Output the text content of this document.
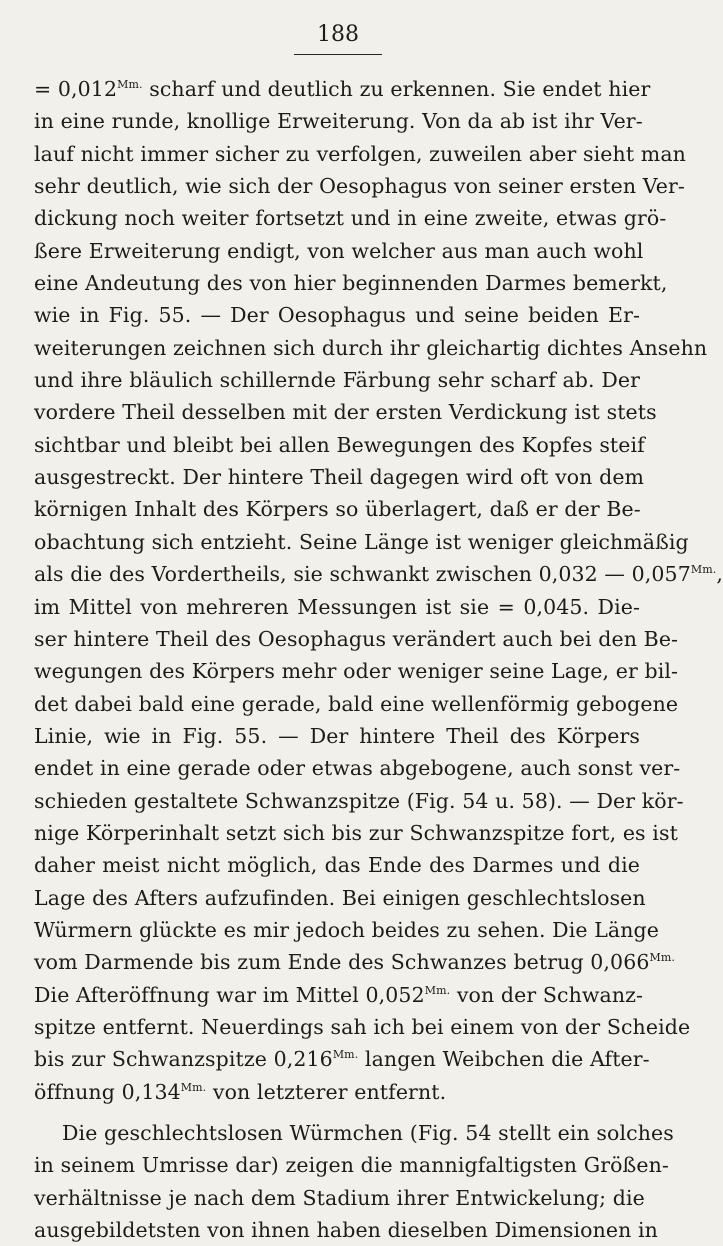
188
= $0,012^{Mm.}$ scharf und deutlich zu erkennen. Sie endet hier
in eine runde, knollige Erweiterung. Von da ab ist ihr Ver-
lauf nicht immer sicher zu verfolgen, zuweilen aber sieht man
sehr deutlich, wie sich der Oesophagus von seiner ersten Ver-
dickung noch weiter fortsetzt und in eine zweite, etwas grö-
ßere Erweiterung endigt, von welcher aus man auch wohl
eine Andeutung des von hier beginnenden Darmes bemerkt,
wie in Fig. 55. — Der Oesophagus und seine beiden Er-
weiterungen zeichnen sich durch ihr gleichartig dichtes Ansehn
und ihre bläulich schillernde Färbung sehr scharf ab. Der
vordere Theil desselben mit der ersten Verdickung ist stets
sichtbar und bleibt bei allen Bewegungen des Kopfes steif
ausgestreckt. Der hintere Theil dagegen wird oft von dem
körnigen Inhalt des Körpers so überlagert, daß er der Be-
obachtung sich entzieht. Seine Länge ist weniger gleichmäßig
als die des Vordertheils, sie schwankt zwischen 0,032 — $0,057^{Mm.}$,
im Mittel von mehreren Messungen ist sie = 0,045. Die-
ser hintere Theil des Oesophagus verändert auch bei den Be-
wegungen des Körpers mehr oder weniger seine Lage, er bil-
det dabei bald eine gerade, bald eine wellenförmig gebogene
Linie, wie in Fig. 55. — Der hintere Theil des Körpers
endet in eine gerade oder etwas abgebogene, auch sonst ver-
schieden gestaltete Schwanzspitze (Fig. 54 u. 58). — Der kör-
nige Körperinhalt setzt sich bis zur Schwanzspitze fort, es ist
daher meist nicht möglich, das Ende des Darmes und die
Lage des Afters aufzufinden. Bei einigen geschlechtslosen
Würmern glückte es mir jedoch beides zu sehen. Die Länge
vom Darmende bis zum Ende des Schwanzes betrug $0,066^{Mm.}$
Die Afteröffnung war im Mittel $0,052^{Mm.}$ von der Schwanz-
spitze entfernt. Neuerdings sah ich bei einem von der Scheide
bis zur Schwanzspitze $0,216^{Mm.}$ langen Weibchen die After-
öffnung $0,134^{Mm.}$ von letzterer entfernt.
Die geschlechtslosen Würmchen (Fig. 54 stellt ein solches
in seinem Umrisse dar) zeigen die mannigfaltigsten Größen-
verhältnisse je nach dem Stadium ihrer Entwickelung; die
ausgebildetsten von ihnen haben dieselben Dimensionen in
